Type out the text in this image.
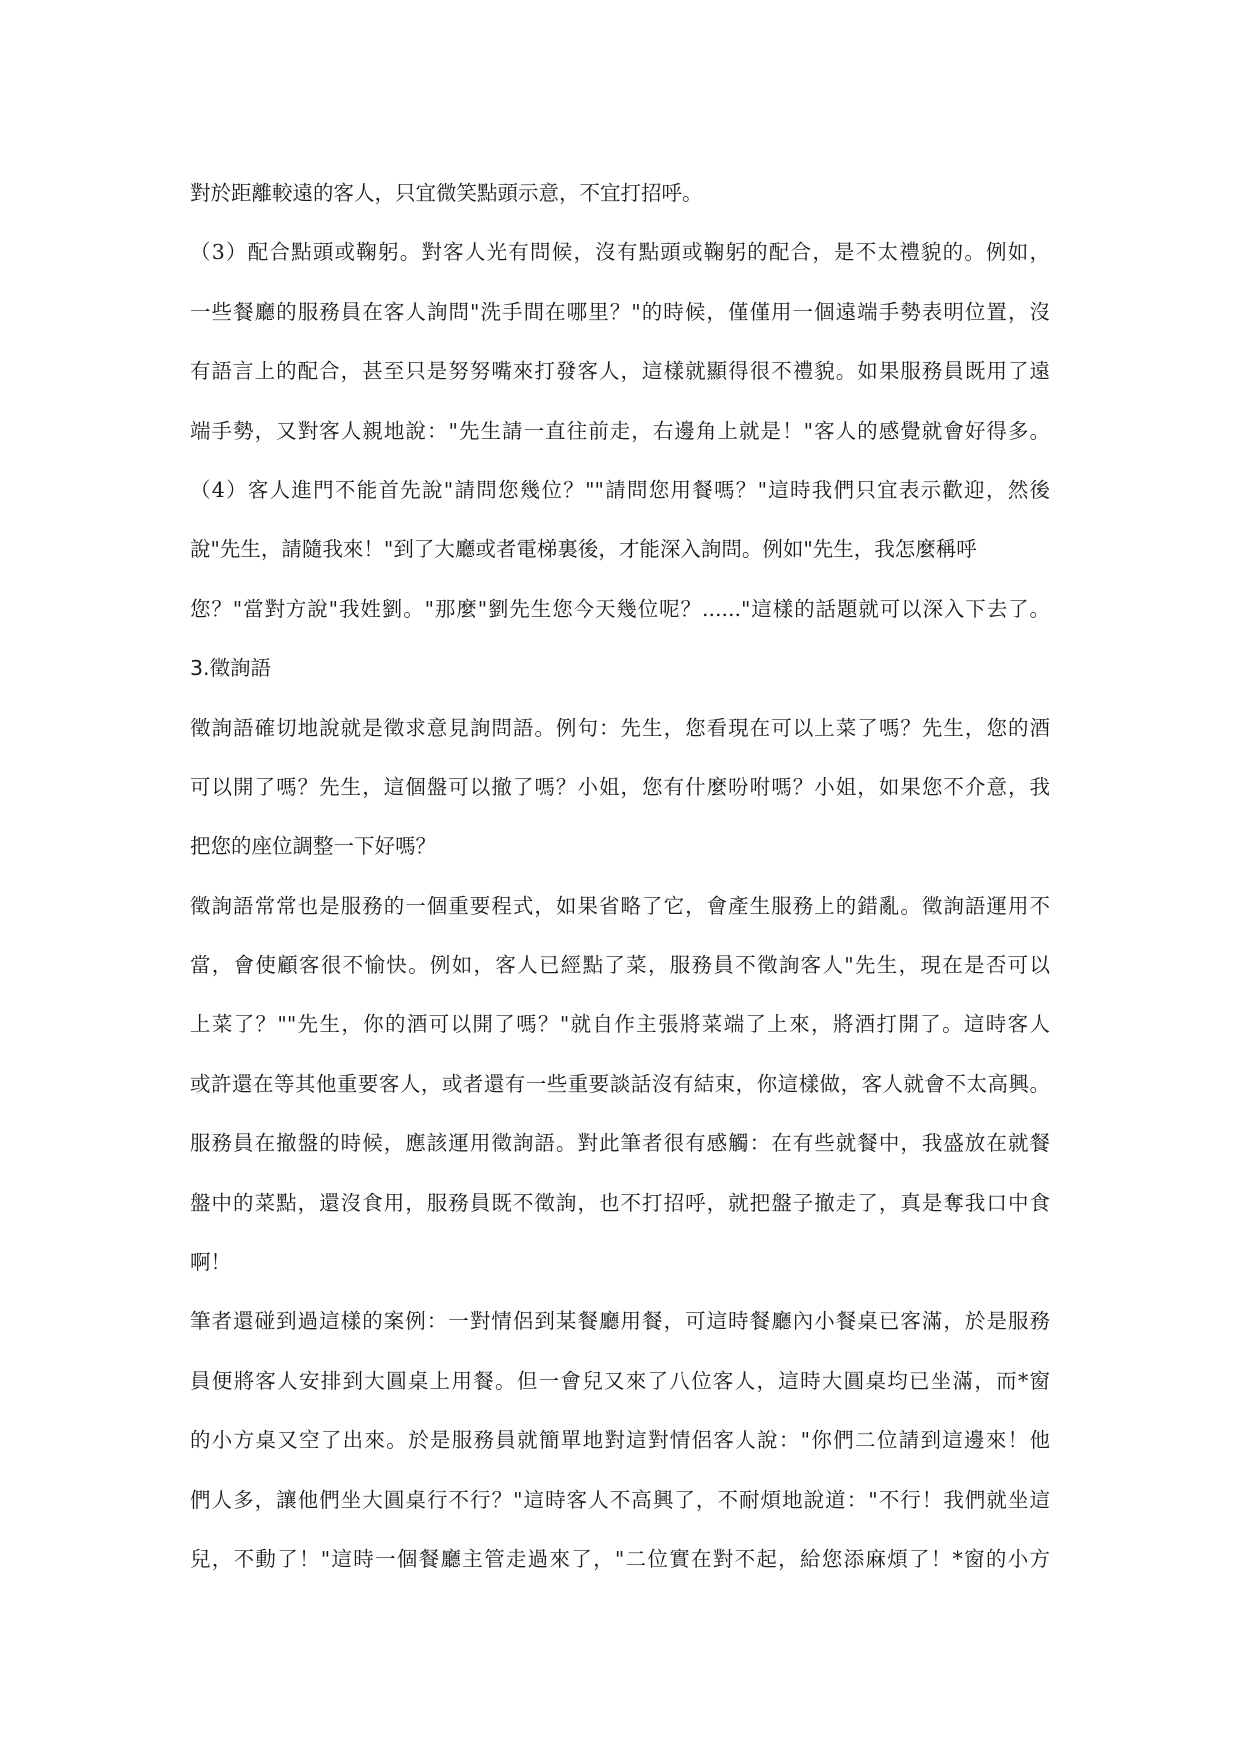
對於距離較遠的客人，只宜微笑點頭示意，不宜打招呼。
（3）配合點頭或鞠躬。對客人光有問候，沒有點頭或鞠躬的配合，是不太禮貌的。例如，
一些餐廳的服務員在客人詢問"洗手間在哪里？"的時候，僅僅用一個遠端手勢表明位置，沒
有語言上的配合，甚至只是努努嘴來打發客人，這樣就顯得很不禮貌。如果服務員既用了遠
端手勢，又對客人親地說："先生請一直往前走，右邊角上就是！"客人的感覺就會好得多。
（4）客人進門不能首先說"請問您幾位？""請問您用餐嗎？"這時我們只宜表示歡迎，然後
說"先生，請隨我來！"到了大廳或者電梯裏後，才能深入詢問。例如"先生，我怎麼稱呼
您？"當對方說"我姓劉。"那麼"劉先生您今天幾位呢？......"這樣的話題就可以深入下去了。
3.徵詢語
徵詢語確切地說就是徵求意見詢問語。例句：先生，您看現在可以上菜了嗎？先生，您的酒
可以開了嗎？先生，這個盤可以撤了嗎？小姐，您有什麼吩咐嗎？小姐，如果您不介意，我
把您的座位調整一下好嗎？
徵詢語常常也是服務的一個重要程式，如果省略了它，會產生服務上的錯亂。徵詢語運用不
當，會使顧客很不愉快。例如，客人已經點了菜，服務員不徵詢客人"先生，現在是否可以
上菜了？""先生，你的酒可以開了嗎？"就自作主張將菜端了上來，將酒打開了。這時客人
或許還在等其他重要客人，或者還有一些重要談話沒有結束，你這樣做，客人就會不太高興。
服務員在撤盤的時候，應該運用徵詢語。對此筆者很有感觸：在有些就餐中，我盛放在就餐
盤中的菜點，還沒食用，服務員既不徵詢，也不打招呼，就把盤子撤走了，真是奪我口中食
啊！
筆者還碰到過這樣的案例：一對情侶到某餐廳用餐，可這時餐廳內小餐桌已客滿，於是服務
員便將客人安排到大圓桌上用餐。但一會兒又來了八位客人，這時大圓桌均已坐滿，而*窗
的小方桌又空了出來。於是服務員就簡單地對這對情侶客人說："你們二位請到這邊來！他
們人多，讓他們坐大圓桌行不行？"這時客人不高興了，不耐煩地說道："不行！我們就坐這
兒，不動了！"這時一個餐廳主管走過來了，"二位實在對不起，給您添麻煩了！*窗的小方
